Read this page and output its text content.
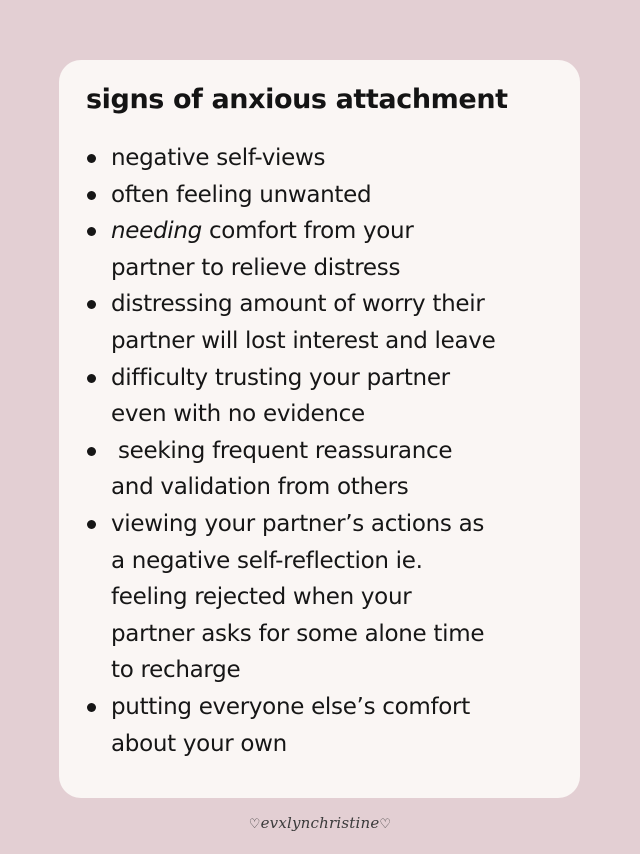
signs of anxious attachment
negative self-views
often feeling unwanted
needing comfort from your
partner to relieve distress
distressing amount of worry their
partner will lost interest and leave
difficulty trusting your partner
even with no evidence
seeking frequent reassurance
and validation from others
viewing your partner’s actions as
a negative self-reflection ie.
feeling rejected when your
partner asks for some alone time
to recharge
putting everyone else’s comfort
about your own
♡evxlynchristine♡
